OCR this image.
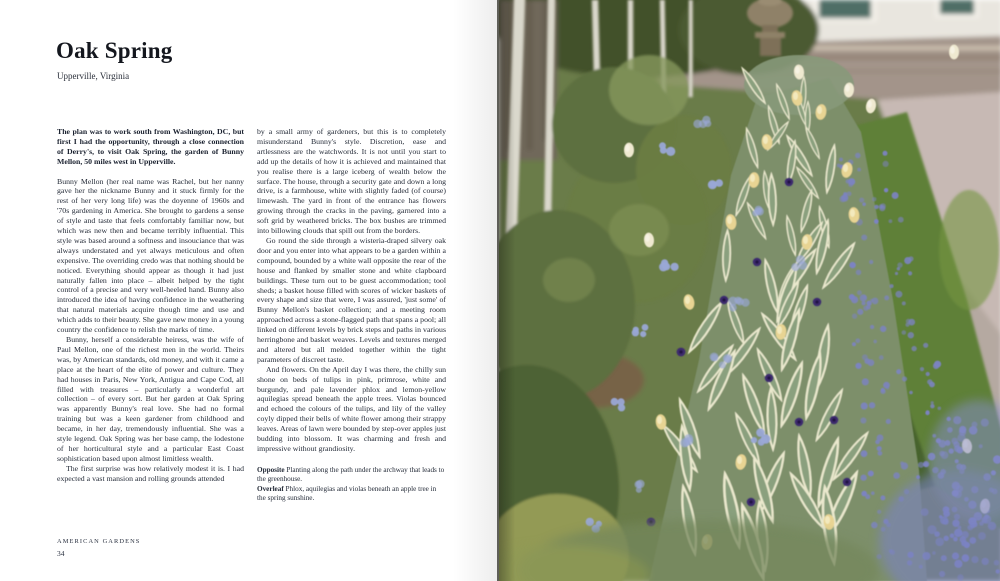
Oak Spring

Upperville, Virginia

The plan was to work south from Washington, DC, but first I had the opportunity, through a close connection of Derry's, to visit Oak Spring, the garden of Bunny Mellon, 50 miles west in Upperville.

Bunny Mellon (her real name was Rachel, but her nanny gave her the nickname Bunny and it stuck firmly for the rest of her very long life) was the doyenne of 1960s and '70s gardening in America. She brought to gardens a sense of style and taste that feels comfortably familiar now, but which was new then and became terribly influential. This style was based around a softness and insouciance that was always understated and yet always meticulous and often expensive. The overriding credo was that nothing should be noticed. Everything should appear as though it had just naturally fallen into place – albeit helped by the tight control of a precise and very well-heeled hand. Bunny also introduced the idea of having confidence in the weathering that natural materials acquire though time and use and which adds to their beauty. She gave new money in a young country the confidence to relish the marks of time.

Bunny, herself a considerable heiress, was the wife of Paul Mellon, one of the richest men in the world. Theirs was, by American standards, old money, and with it came a place at the heart of the elite of power and culture. They had houses in Paris, New York, Antigua and Cape Cod, all filled with treasures – particularly a wonderful art collection – of every sort. But her garden at Oak Spring was apparently Bunny's real love. She had no formal training but was a keen gardener from childhood and became, in her day, tremendously influential. She was a style legend. Oak Spring was her base camp, the lodestone of her horticultural style and a particular East Coast sophistication based upon almost limitless wealth.

The first surprise was how relatively modest it is. I had expected a vast mansion and rolling grounds attended

by a small army of gardeners, but this is to completely misunderstand Bunny's style. Discretion, ease and artlessness are the watchwords. It is not until you start to add up the details of how it is achieved and maintained that you realise there is a large iceberg of wealth below the surface. The house, through a security gate and down a long drive, is a farmhouse, white with slightly faded (of course) limewash. The yard in front of the entrance has flowers growing through the cracks in the paving, garnered into a soft grid by weathered bricks. The box bushes are trimmed into billowing clouds that spill out from the borders.

Go round the side through a wisteria-draped silvery oak door and you enter into what appears to be a garden within a compound, bounded by a white wall opposite the rear of the house and flanked by smaller stone and white clapboard buildings. These turn out to be guest accommodation; tool sheds; a basket house filled with scores of wicker baskets of every shape and size that were, I was assured, 'just some' of Bunny Mellon's basket collection; and a meeting room approached across a stone-flagged path that spans a pool; all linked on different levels by brick steps and paths in various herringbone and basket weaves. Levels and textures merged and altered but all melded together within the tight parameters of discreet taste.

And flowers. On the April day I was there, the chilly sun shone on beds of tulips in pink, primrose, white and burgundy, and pale lavender phlox and lemon-yellow aquilegias spread beneath the apple trees. Violas bounced and echoed the colours of the tulips, and lily of the valley coyly dipped their bells of white flower among their strappy leaves. Areas of lawn were bounded by step-over apples just budding into blossom. It was charming and fresh and impressive without grandiosity.

Opposite Planting along the path under the archway that leads to the greenhouse.

Overleaf Phlox, aquilegias and violas beneath an apple tree in the spring sunshine.

AMERICAN GARDENS
34
